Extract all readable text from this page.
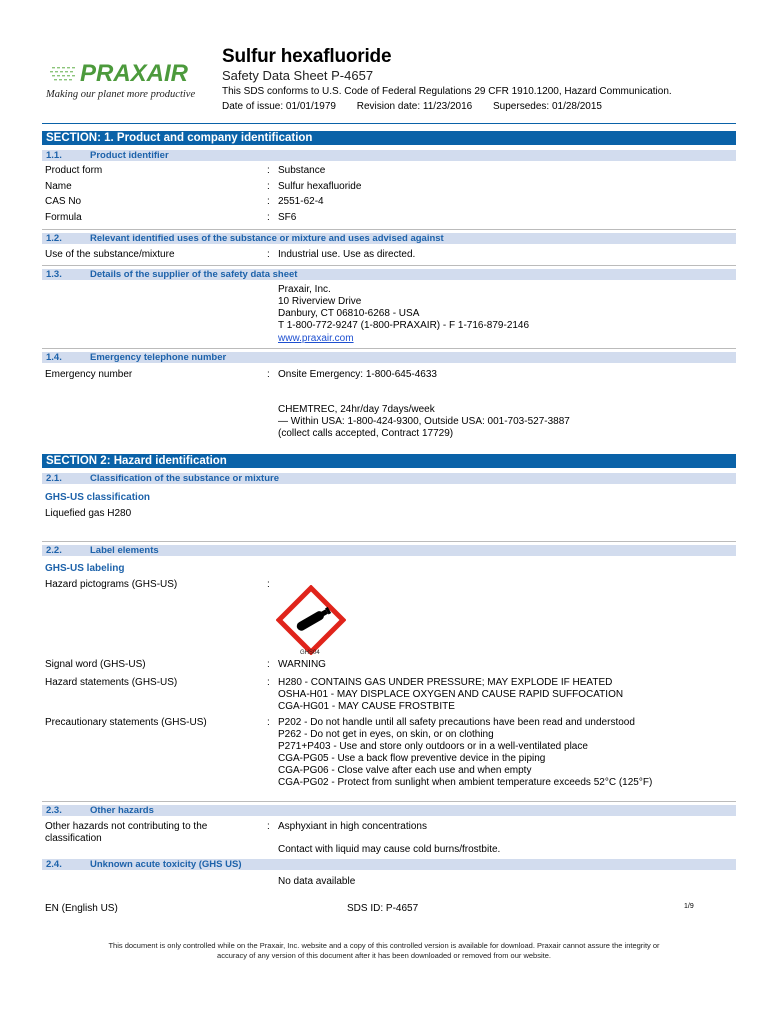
PRAXAIR
Making our planet more productive
Sulfur hexafluoride
Safety Data Sheet P-4657
This SDS conforms to U.S. Code of Federal Regulations 29 CFR 1910.1200, Hazard Communication.
Date of issue: 01/01/1979 Revision date: 11/23/2016 Supersedes: 01/28/2015
SECTION: 1. Product and company identification
1.1.	Product identifier
Product form	: Substance
Name	: Sulfur hexafluoride
CAS No	: 2551-62-4
Formula	: SF6
1.2.	Relevant identified uses of the substance or mixture and uses advised against
Use of the substance/mixture	: Industrial use. Use as directed.
1.3.	Details of the supplier of the safety data sheet
Praxair, Inc.
10 Riverview Drive
Danbury, CT 06810-6268 - USA
T 1-800-772-9247 (1-800-PRAXAIR) - F 1-716-879-2146
www.praxair.com
1.4.	Emergency telephone number
Emergency number	: Onsite Emergency: 1-800-645-4633
CHEMTREC, 24hr/day 7days/week
— Within USA: 1-800-424-9300, Outside USA: 001-703-527-3887
(collect calls accepted, Contract 17729)
SECTION 2: Hazard identification
2.1.	Classification of the substance or mixture
GHS-US classification
Liquefied gas H280
2.2.	Label elements
GHS-US labeling
Hazard pictograms (GHS-US)	:
GHS04
Signal word (GHS-US)	: WARNING
Hazard statements (GHS-US)	: H280 - CONTAINS GAS UNDER PRESSURE; MAY EXPLODE IF HEATED
OSHA-H01 - MAY DISPLACE OXYGEN AND CAUSE RAPID SUFFOCATION
CGA-HG01 - MAY CAUSE FROSTBITE
Precautionary statements (GHS-US)	: P202 - Do not handle until all safety precautions have been read and understood
P262 - Do not get in eyes, on skin, or on clothing
P271+P403 - Use and store only outdoors or in a well-ventilated place
CGA-PG05 - Use a back flow preventive device in the piping
CGA-PG06 - Close valve after each use and when empty
CGA-PG02 - Protect from sunlight when ambient temperature exceeds 52°C (125°F)
2.3.	Other hazards
Other hazards not contributing to the
classification
: Asphyxiant in high concentrations
Contact with liquid may cause cold burns/frostbite.
2.4.	Unknown acute toxicity (GHS US)
No data available
EN (English US)	SDS ID: P-4657	1/9
This document is only controlled while on the Praxair, Inc. website and a copy of this controlled version is available for download. Praxair cannot assure the integrity or
accuracy of any version of this document after it has been downloaded or removed from our website.
